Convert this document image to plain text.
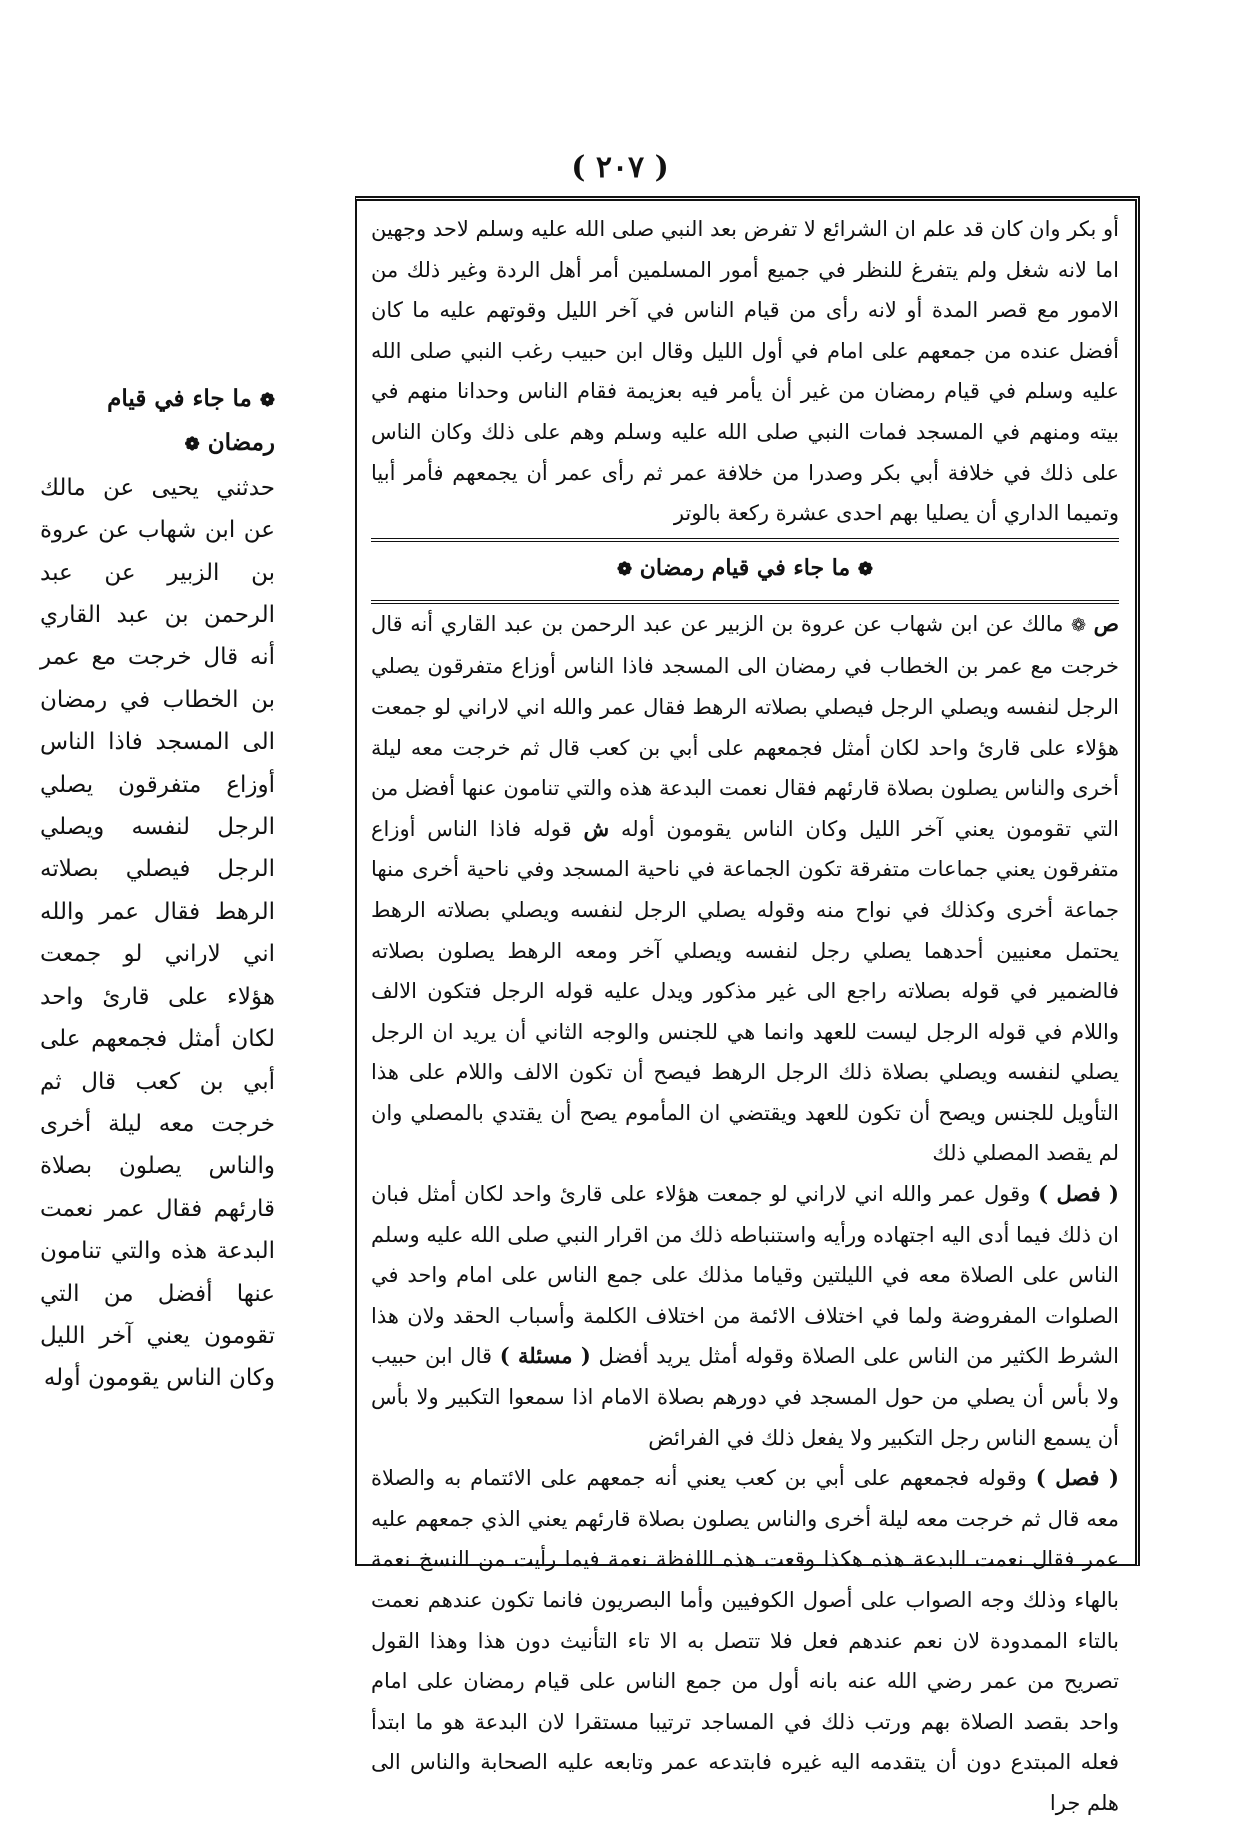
( ٢٠٧ )

❁ ما جاء في قيام رمضان ❁

حدثني يحيى عن مالك عن ابن شهاب عن عروة بن الزبير عن عبد الرحمن بن عبد القاري أنه قال خرجت مع عمر بن الخطاب في رمضان الى المسجد فاذا الناس أوزاع متفرقون يصلي الرجل لنفسه ويصلي الرجل فيصلي بصلاته الرهط فقال عمر والله اني لاراني لو جمعت هؤلاء على قارئ واحد لكان أمثل فجمعهم على أبي بن كعب قال ثم خرجت معه ليلة أخرى والناس يصلون بصلاة قارئهم فقال عمر نعمت البدعة هذه والتي تنامون عنها أفضل من التي تقومون يعني آخر الليل وكان الناس يقومون أوله

أو بكر وان كان قد علم ان الشرائع لا تفرض بعد النبي صلى الله عليه وسلم لاحد وجهين اما لانه شغل ولم يتفرغ للنظر في جميع أمور المسلمين أمر أهل الردة وغير ذلك من الامور مع قصر المدة أو لانه رأى من قيام الناس في آخر الليل وقوتهم عليه ما كان أفضل عنده من جمعهم على امام في أول الليل وقال ابن حبيب رغب النبي صلى الله عليه وسلم في قيام رمضان من غير أن يأمر فيه بعزيمة فقام الناس وحدانا منهم في بيته ومنهم في المسجد فمات النبي صلى الله عليه وسلم وهم على ذلك وكان الناس على ذلك في خلافة أبي بكر وصدرا من خلافة عمر ثم رأى عمر أن يجمعهم فأمر أبيا وتميما الداري أن يصليا بهم احدى عشرة ركعة بالوتر

❁ ما جاء في قيام رمضان ❁

ص ❁ مالك عن ابن شهاب عن عروة بن الزبير عن عبد الرحمن بن عبد القاري أنه قال خرجت مع عمر بن الخطاب في رمضان الى المسجد فاذا الناس أوزاع متفرقون يصلي الرجل لنفسه ويصلي الرجل فيصلي بصلاته الرهط فقال عمر والله اني لاراني لو جمعت هؤلاء على قارئ واحد لكان أمثل فجمعهم على أبي بن كعب قال ثم خرجت معه ليلة أخرى والناس يصلون بصلاة قارئهم فقال نعمت البدعة هذه والتي تنامون عنها أفضل من التي تقومون يعني آخر الليل وكان الناس يقومون أوله ش قوله فاذا الناس أوزاع متفرقون يعني جماعات متفرقة تكون الجماعة في ناحية المسجد وفي ناحية أخرى منها جماعة أخرى وكذلك في نواح منه وقوله يصلي الرجل لنفسه ويصلي بصلاته الرهط يحتمل معنيين أحدهما يصلي رجل لنفسه ويصلي آخر ومعه الرهط يصلون بصلاته فالضمير في قوله بصلاته راجع الى غير مذكور ويدل عليه قوله الرجل فتكون الالف واللام في قوله الرجل ليست للعهد وانما هي للجنس والوجه الثاني أن يريد ان الرجل يصلي لنفسه ويصلي بصلاة ذلك الرجل الرهط فيصح أن تكون الالف واللام على هذا التأويل للجنس ويصح أن تكون للعهد ويقتضي ان المأموم يصح أن يقتدي بالمصلي وان لم يقصد المصلي ذلك

( فصل ) وقول عمر والله اني لاراني لو جمعت هؤلاء على قارئ واحد لكان أمثل فبان ان ذلك فيما أدى اليه اجتهاده ورأيه واستنباطه ذلك من اقرار النبي صلى الله عليه وسلم الناس على الصلاة معه في الليلتين وقياما مذلك على جمع الناس على امام واحد في الصلوات المفروضة ولما في اختلاف الائمة من اختلاف الكلمة وأسباب الحقد ولان هذا الشرط الكثير من الناس على الصلاة وقوله أمثل يريد أفضل ( مسئلة ) قال ابن حبيب ولا بأس أن يصلي من حول المسجد في دورهم بصلاة الامام اذا سمعوا التكبير ولا بأس أن يسمع الناس رجل التكبير ولا يفعل ذلك في الفرائض

( فصل ) وقوله فجمعهم على أبي بن كعب يعني أنه جمعهم على الائتمام به والصلاة معه قال ثم خرجت معه ليلة أخرى والناس يصلون بصلاة قارئهم يعني الذي جمعهم عليه عمر فقال نعمت البدعة هذه هكذا وقعت هذه اللفظة نعمة فيما رأيت من النسخ نعمة بالهاء وذلك وجه الصواب على أصول الكوفيين وأما البصريون فانما تكون عندهم نعمت بالتاء الممدودة لان نعم عندهم فعل فلا تتصل به الا تاء التأنيث دون هذا وهذا القول تصريح من عمر رضي الله عنه بانه أول من جمع الناس على قيام رمضان على امام واحد بقصد الصلاة بهم ورتب ذلك في المساجد ترتيبا مستقرا لان البدعة هو ما ابتدأ فعله المبتدع دون أن يتقدمه اليه غيره فابتدعه عمر وتابعه عليه الصحابة والناس الى هلم جرا
